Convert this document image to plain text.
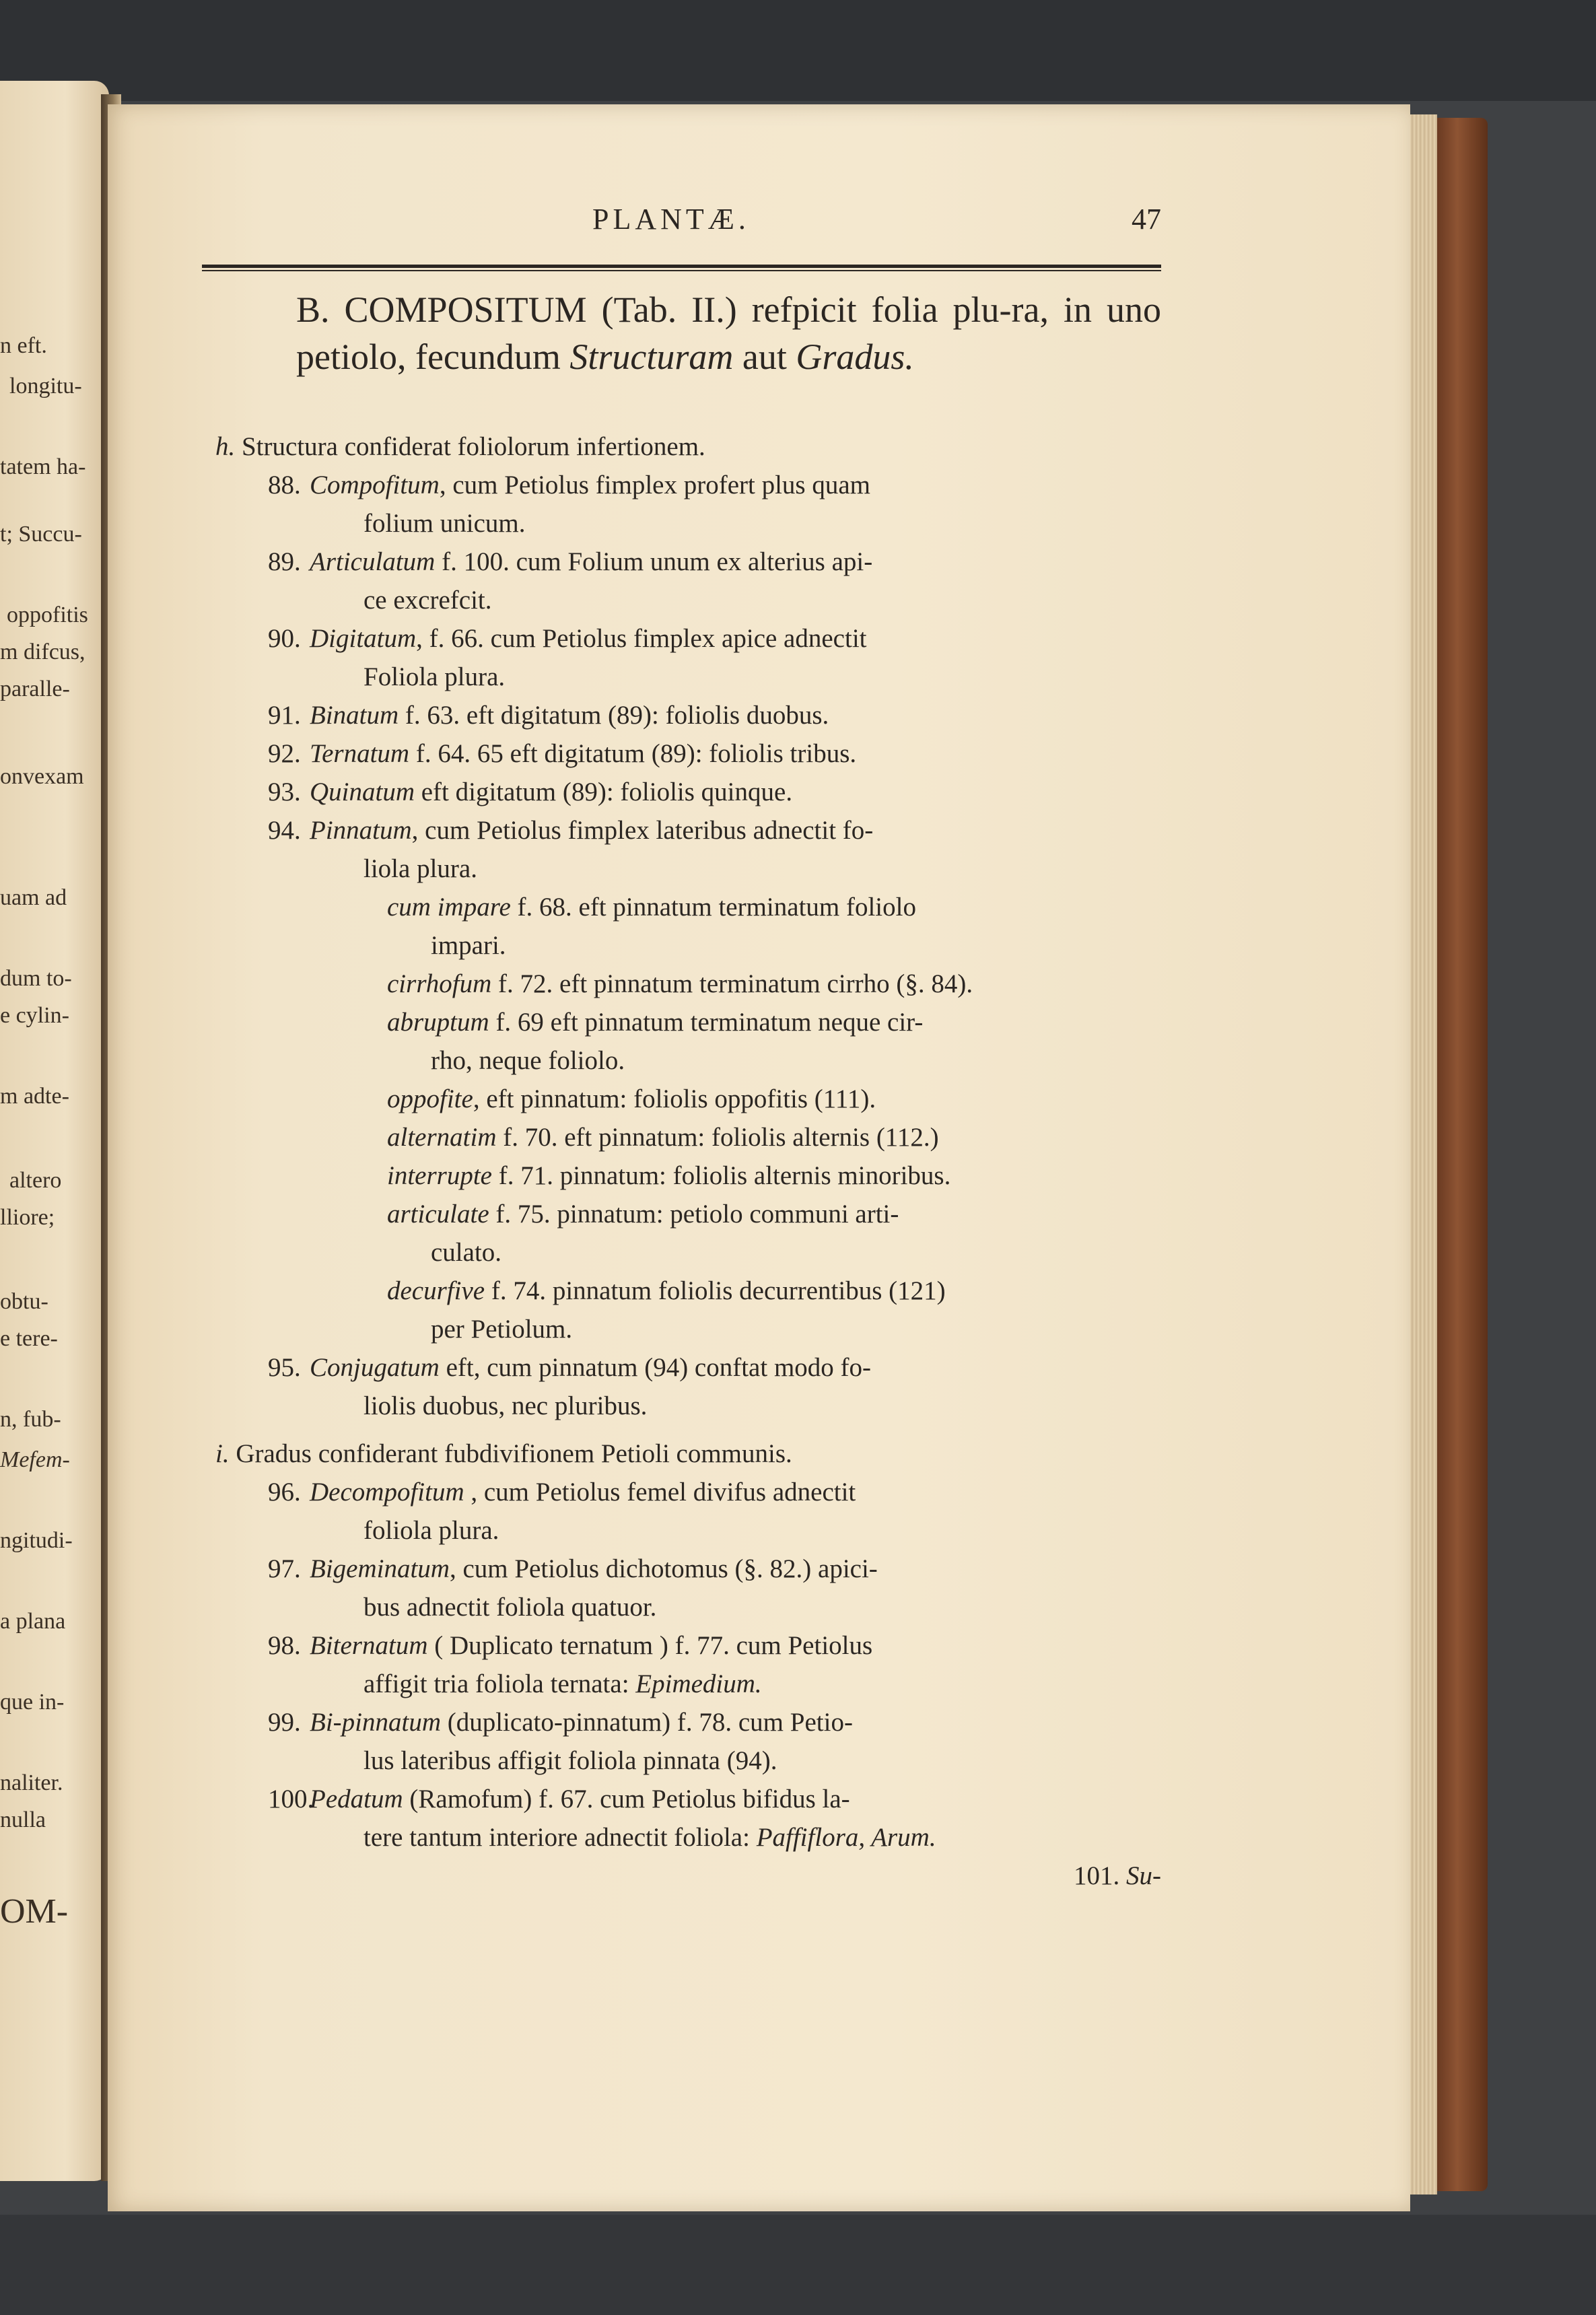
n eft.
longitu-
tatem ha-
t; Succu-
oppofitis
m difcus,
paralle-
onvexam
uam ad
dum to-
e cylin-
m adte-
altero
lliore;
obtu-
e tere-
n, fub-
Mefem-
ngitudi-
a plana
que in-
naliter.
nulla
OM-
PLANTÆ.	47
B. COMPOSITUM (Tab. II.) refpicit folia plu-ra, in uno petiolo, fecundum Structuram aut Gradus.
h. Structura confiderat foliolorum infertionem.
88. Compofitum, cum Petiolus fimplex profert plus quam
folium unicum.
89. Articulatum f. 100. cum Folium unum ex alterius api-
ce excrefcit.
90. Digitatum, f. 66. cum Petiolus fimplex apice adnectit
Foliola plura.
91. Binatum f. 63. eft digitatum (89): foliolis duobus.
92. Ternatum f. 64. 65 eft digitatum (89): foliolis tribus.
93. Quinatum eft digitatum (89): foliolis quinque.
94. Pinnatum, cum Petiolus fimplex lateribus adnectit fo-
liola plura.
cum impare f. 68. eft pinnatum terminatum foliolo
impari.
cirrhofum f. 72. eft pinnatum terminatum cirrho (§. 84).
abruptum f. 69 eft pinnatum terminatum neque cir-
rho, neque foliolo.
oppofite, eft pinnatum: foliolis oppofitis (111).
alternatim f. 70. eft pinnatum: foliolis alternis (112.)
interrupte f. 71. pinnatum: foliolis alternis minoribus.
articulate f. 75. pinnatum: petiolo communi arti-
culato.
decurfive f. 74. pinnatum foliolis decurrentibus (121)
per Petiolum.
95. Conjugatum eft, cum pinnatum (94) conftat modo fo-
liolis duobus, nec pluribus.
i. Gradus confiderant fubdivifionem Petioli communis.
96. Decompofitum , cum Petiolus femel divifus adnectit
foliola plura.
97. Bigeminatum, cum Petiolus dichotomus (§. 82.) apici-
bus adnectit foliola quatuor.
98. Biternatum ( Duplicato ternatum ) f. 77. cum Petiolus
affigit tria foliola ternata: Epimedium.
99. Bi-pinnatum (duplicato-pinnatum) f. 78. cum Petio-
lus lateribus affigit foliola pinnata (94).
100.Pedatum (Ramofum) f. 67. cum Petiolus bifidus la-
tere tantum interiore adnectit foliola: Paffiflora, Arum.
101. Su-
